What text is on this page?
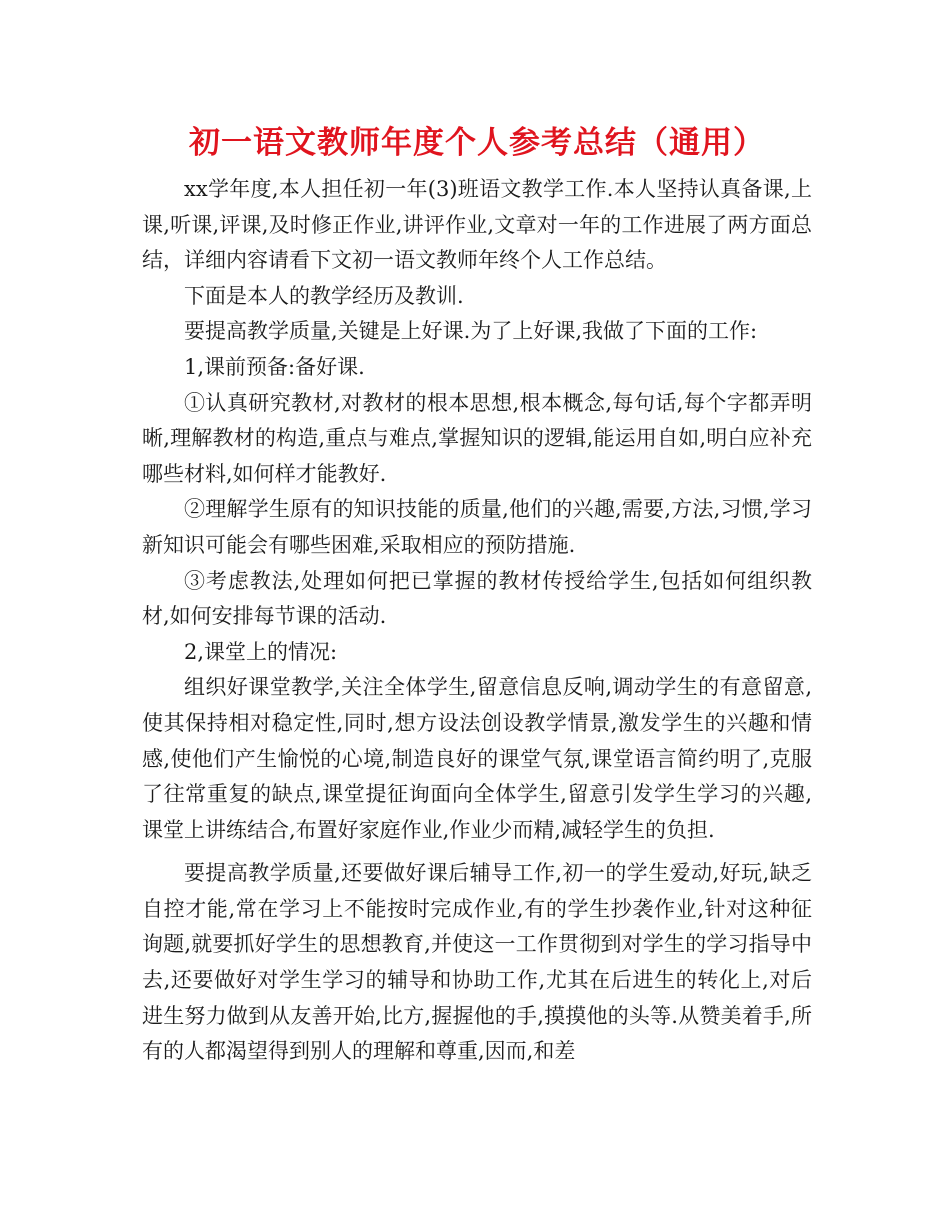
初一语文教师年度个人参考总结（通用）

xx学年度,本人担任初一年(3)班语文教学工作.本人坚持认真备课,上课,听课,评课,及时修正作业,讲评作业,文章对一年的工作进展了两方面总结，详细内容请看下文初一语文教师年终个人工作总结。

下面是本人的教学经历及教训.

要提高教学质量,关键是上好课.为了上好课,我做了下面的工作:

1,课前预备:备好课.

①认真研究教材,对教材的根本思想,根本概念,每句话,每个字都弄明晰,理解教材的构造,重点与难点,掌握知识的逻辑,能运用自如,明白应补充哪些材料,如何样才能教好.

②理解学生原有的知识技能的质量,他们的兴趣,需要,方法,习惯,学习新知识可能会有哪些困难,采取相应的预防措施.

③考虑教法,处理如何把已掌握的教材传授给学生,包括如何组织教材,如何安排每节课的活动.

2,课堂上的情况:

组织好课堂教学,关注全体学生,留意信息反响,调动学生的有意留意,使其保持相对稳定性,同时,想方设法创设教学情景,激发学生的兴趣和情感,使他们产生愉悦的心境,制造良好的课堂气氛,课堂语言简约明了,克服了往常重复的缺点,课堂提征询面向全体学生,留意引发学生学习的兴趣,课堂上讲练结合,布置好家庭作业,作业少而精,减轻学生的负担.

要提高教学质量,还要做好课后辅导工作,初一的学生爱动,好玩,缺乏自控才能,常在学习上不能按时完成作业,有的学生抄袭作业,针对这种征询题,就要抓好学生的思想教育,并使这一工作贯彻到对学生的学习指导中去,还要做好对学生学习的辅导和协助工作,尤其在后进生的转化上,对后进生努力做到从友善开始,比方,握握他的手,摸摸他的头等.从赞美着手,所有的人都渴望得到别人的理解和尊重,因而,和差
